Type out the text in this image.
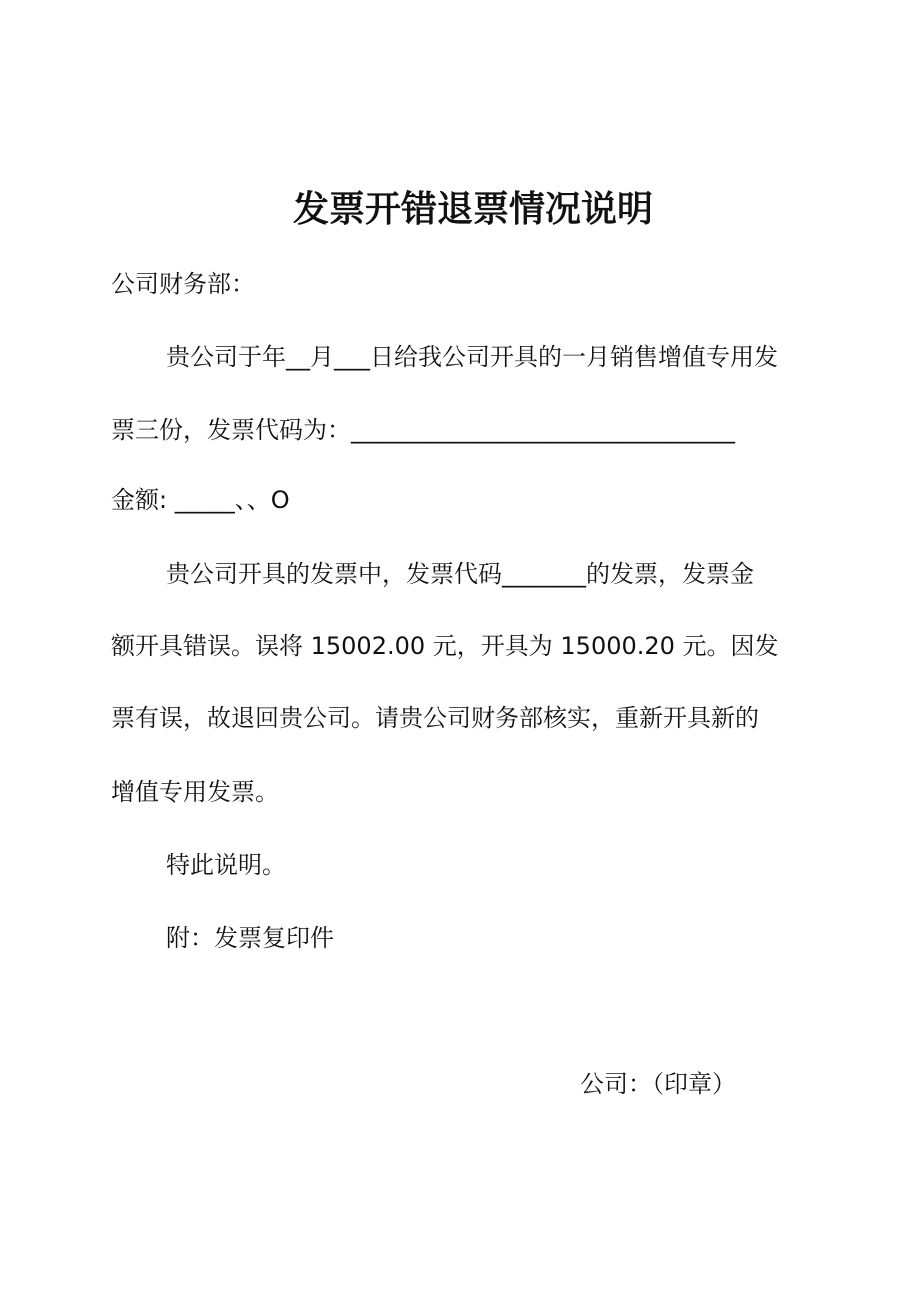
发票开错退票情况说明
公司财务部：
贵公司于年__月___日给我公司开具的一月销售增值专用发
票三份，发票代码为：________________________________
金额: _____、、O
贵公司开具的发票中，发票代码_______的发票，发票金
额开具错误。误将 15002.00 元，开具为 15000.20 元。因发
票有误，故退回贵公司。请贵公司财务部核实，重新开具新的
增值专用发票。
特此说明。
附：发票复印件
公司：（印章）
